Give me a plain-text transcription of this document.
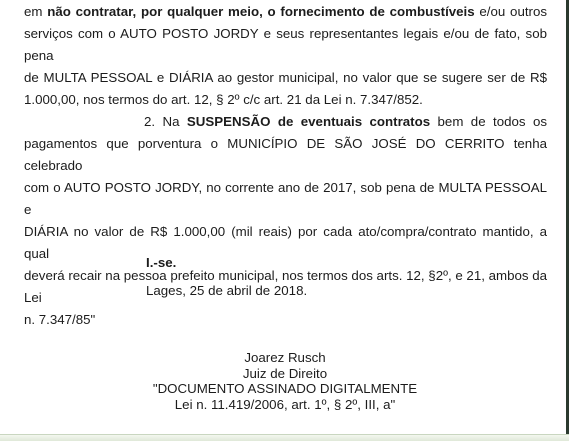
em não contratar, por qualquer meio, o fornecimento de combustíveis e/ou outros
serviços com o AUTO POSTO JORDY e seus representantes legais e/ou de fato, sob pena
de MULTA PESSOAL e DIÁRIA ao gestor municipal, no valor que se sugere ser de R$
1.000,00, nos termos do art. 12, § 2º c/c art. 21 da Lei n. 7.347/852.

2. Na SUSPENSÃO de eventuais contratos bem de todos os
pagamentos que porventura o MUNICÍPIO DE SÃO JOSÉ DO CERRITO tenha celebrado
com o AUTO POSTO JORDY, no corrente ano de 2017, sob pena de MULTA PESSOAL e
DIÁRIA no valor de R$ 1.000,00 (mil reais) por cada ato/compra/contrato mantido, a qual
deverá recair na pessoa prefeito municipal, nos termos dos arts. 12, §2º, e 21, ambos da Lei
n. 7.347/85"

I.-se.
Lages, 25 de abril de 2018.
Joarez Rusch
Juiz de Direito
"DOCUMENTO ASSINADO DIGITALMENTE
Lei n. 11.419/2006, art. 1º, § 2º, III, a"
